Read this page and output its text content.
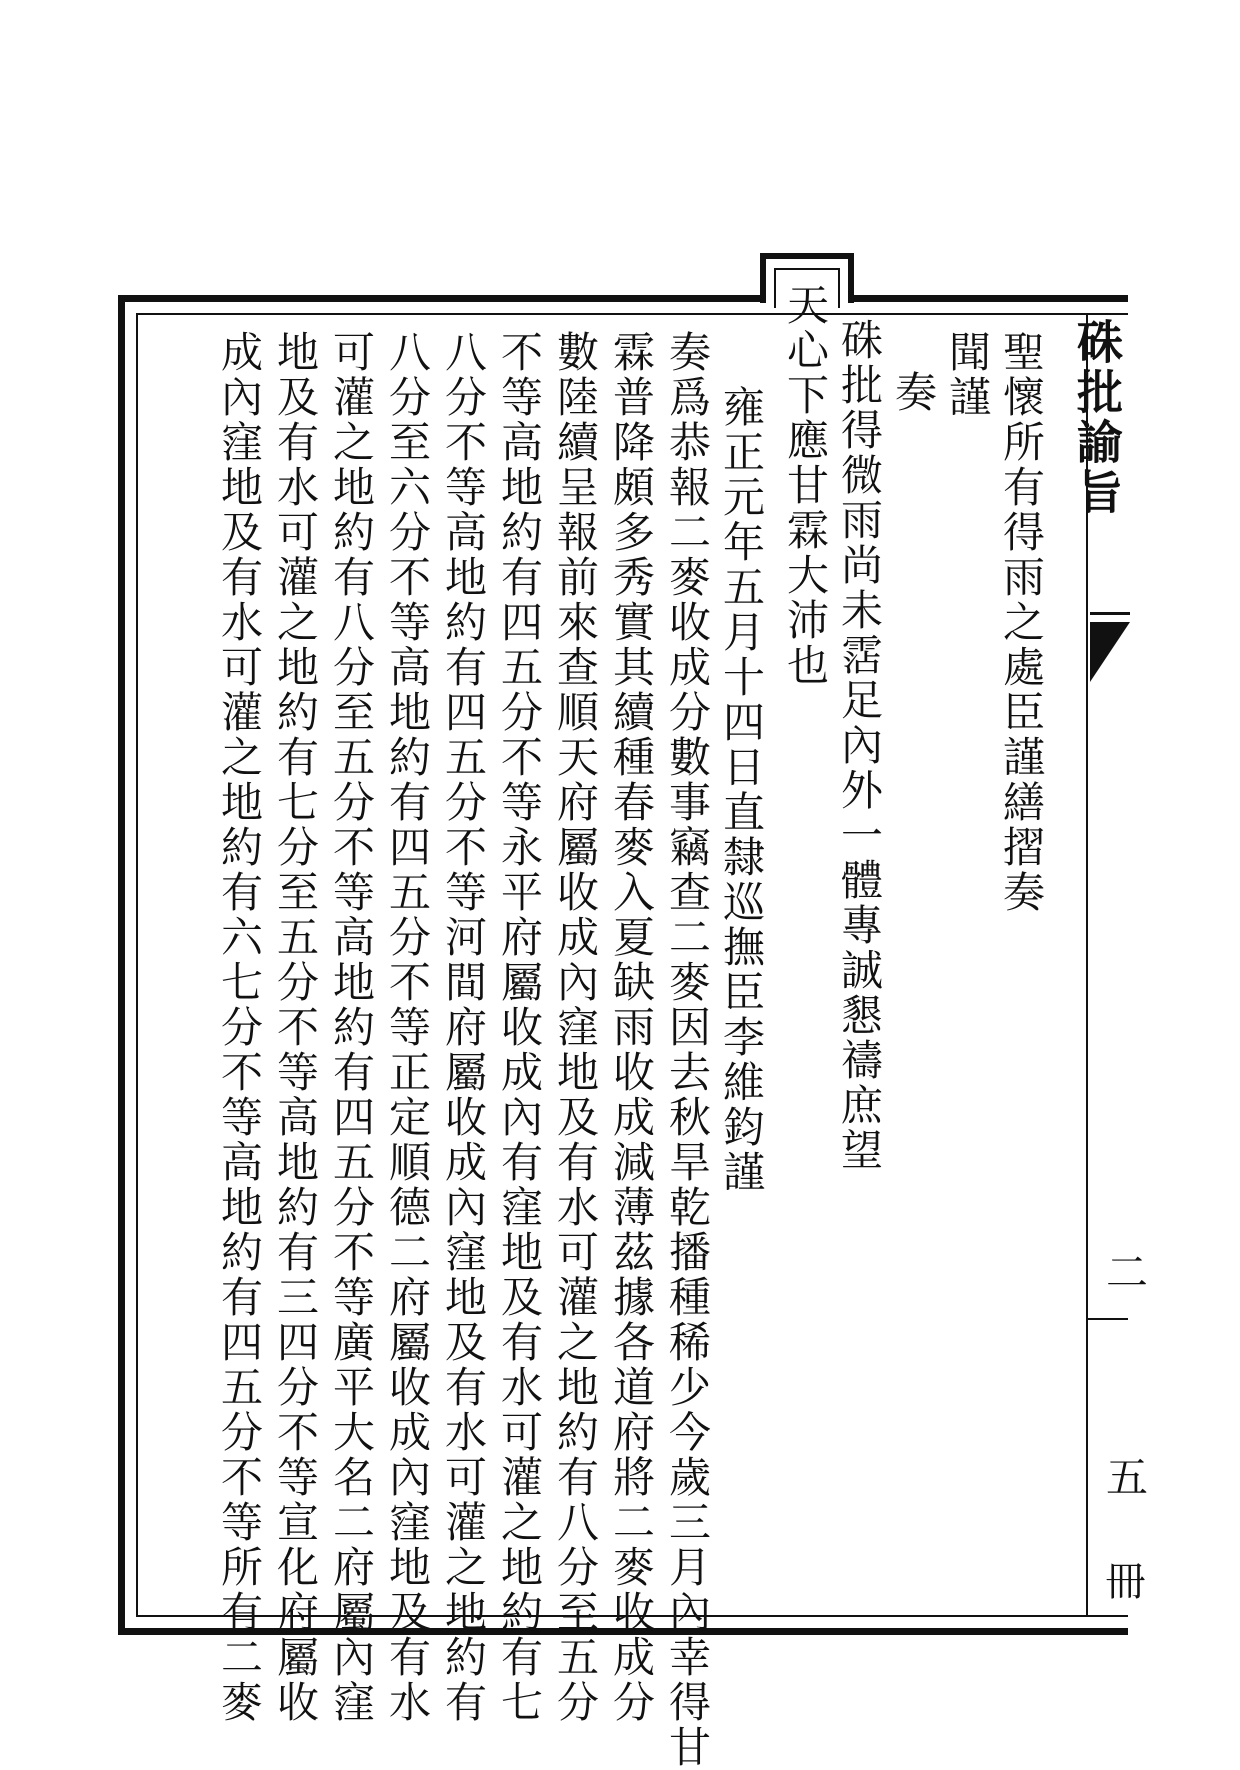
硃批諭旨
二
五
冊
聖懷所有得雨之處臣謹繕摺奏
聞謹
奏
硃批得微雨尚未霑足內外一體專誠懇禱庶望
天心下應甘霖大沛也
雍正元年五月十四日直隸巡撫臣李維鈞謹
奏爲恭報二麥收成分數事竊查二麥因去秋旱乾播種稀少今歲三月內幸得甘
霖普降頗多秀實其續種春麥入夏缺雨收成減薄茲據各道府將二麥收成分
數陸續呈報前來查順天府屬收成內窪地及有水可灌之地約有八分至五分
不等高地約有四五分不等永平府屬收成內有窪地及有水可灌之地約有七
八分不等高地約有四五分不等河間府屬收成內窪地及有水可灌之地約有
八分至六分不等高地約有四五分不等正定順德二府屬收成內窪地及有水
可灌之地約有八分至五分不等高地約有四五分不等廣平大名二府屬內窪
地及有水可灌之地約有七分至五分不等高地約有三四分不等宣化府屬收
成內窪地及有水可灌之地約有六七分不等高地約有四五分不等所有二麥
